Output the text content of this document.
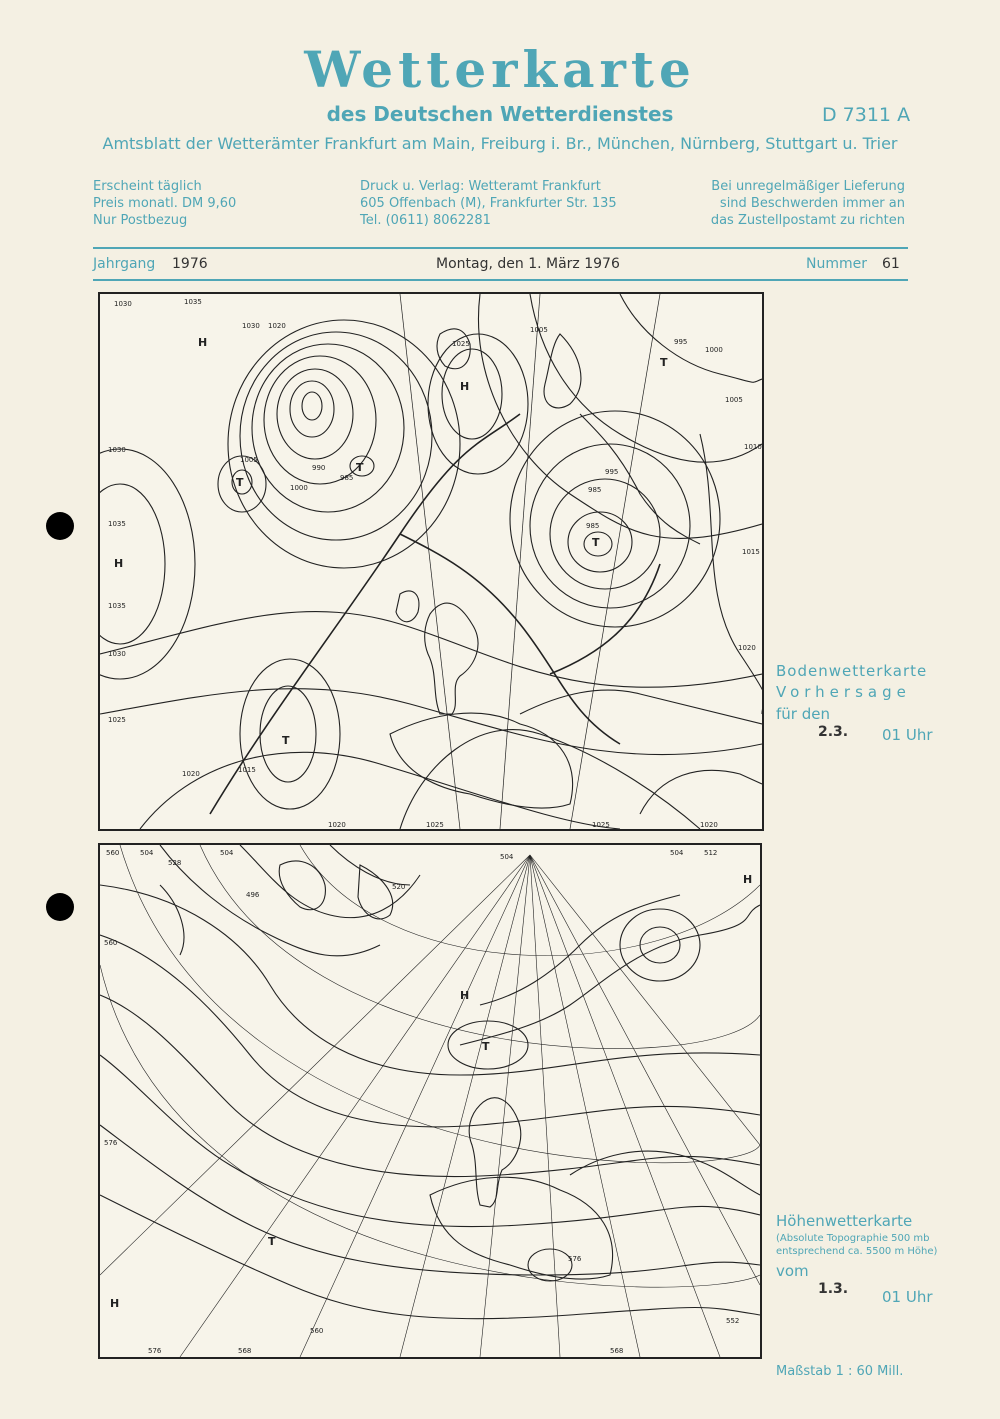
Wetterkarte
des Deutschen Wetterdienstes	D 7311 A
Amtsblatt der Wetterämter Frankfurt am Main, Freiburg i. Br., München, Nürnberg, Stuttgart u. Trier
Erscheint täglich
Preis monatl. DM 9,60
Nur Postbezug
Druck u. Verlag: Wetteramt Frankfurt
605 Offenbach (M), Frankfurter Str. 135
Tel. (0611) 8062281
Bei unregelmäßiger Lieferung
sind Beschwerden immer an
das Zustellpostamt zu richten
Jahrgang 1976	Montag, den 1. März 1976	Nummer 61
H
H
H
T
T
T
T
T
1030	1035
1030 1020
1025
1005
1000
995
1005
1010
1015
1020
1030
1035
1035
1030
1025
1020	1015
1020	1025	1025	1020
985
990
1000
1005
985
985
995
Bodenwetterkarte
Vorhersage
für den
2.3. 01 Uhr
H
H
H
T
T
560	504
528
504	504	512
496
520
560
576
576
560
568	568
552
576
504
Höhenwetterkarte
(Absolute Topographie 500 mb
entsprechend ca. 5500 m Höhe)
vom
1.3. 01 Uhr
Maßstab 1 : 60 Mill.
